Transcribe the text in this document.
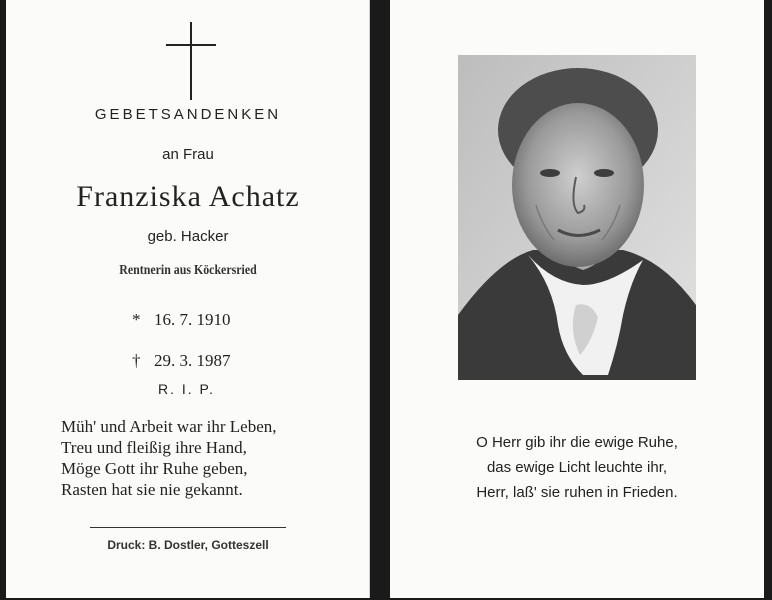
GEBETSANDENKEN
an Frau
Franziska Achatz
geb. Hacker
Rentnerin aus Köckersried
* 16. 7. 1910
† 29. 3. 1987
R. I. P.
Müh' und Arbeit war ihr Leben,
Treu und fleißig ihre Hand,
Möge Gott ihr Ruhe geben,
Rasten hat sie nie gekannt.
Druck: B. Dostler, Gotteszell
O Herr gib ihr die ewige Ruhe,
das ewige Licht leuchte ihr,
Herr, laß' sie ruhen in Frieden.
